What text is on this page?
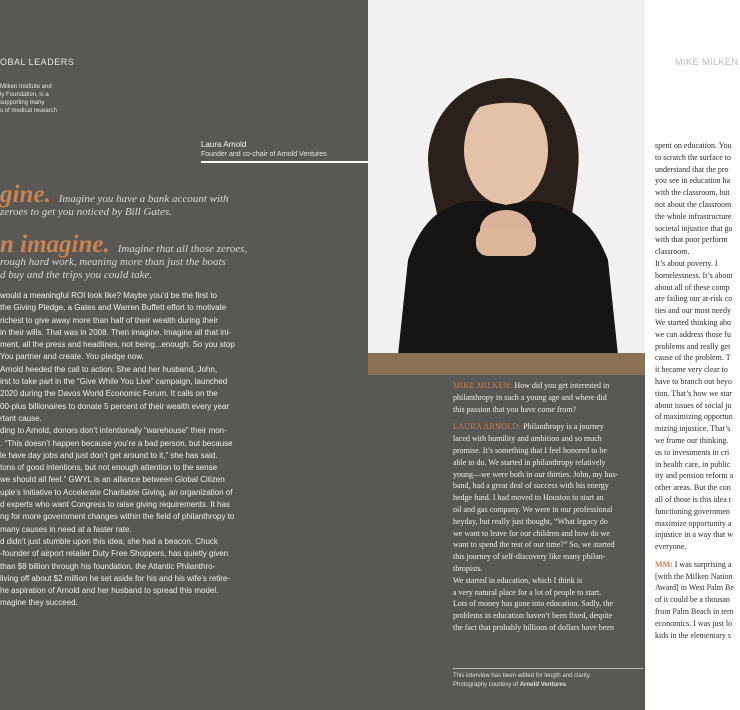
OBAL LEADERS
Milken Institute and
ly Foundation, is a
supporting many
s of medical research
Laura Arnold
Founder and co-chair of Arnold Ventures
gine. Imagine you have a bank account with
zeroes to get you noticed by Bill Gates.
n imagine. Imagine that all those zeroes,
rough hard work, meaning more than just the boats
d buy and the trips you could take.
would a meaningful ROI look like? Maybe you’d be the first to
the Giving Pledge, a Gates and Warren Buffett effort to motivate
richest to give away more than half of their wealth during their
in their wills. That was in 2008. Then imagine. Imagine all that ini-
ment, all the press and headlines, not being...enough. So you stop
You partner and create. You pledge now.
Arnold heeded the call to action: She and her husband, John,
irst to take part in the “Give While You Live” campaign, launched
2020 during the Davos World Economic Forum. It calls on the
00-plus billionaires to donate 5 percent of their wealth every year
rtant cause.
ding to Arnold, donors don’t intentionally “warehouse” their mon-
. “This doesn’t happen because you’re a bad person, but because
le have day jobs and just don’t get around to it,” she has said.
tons of good intentions, but not enough attention to the sense
we should all feel.” GWYL is an alliance between Global Citizen
uple’s Initiative to Accelerate Charitable Giving, an organization of
d experts who want Congress to raise giving requirements. It has
ng for more government changes within the field of philanthropy to
many causes in need at a faster rate.
d didn’t just stumble upon this idea; she had a beacon. Chuck
-founder of airport retailer Duty Free Shoppers, has quietly given
than $8 billion through his foundation, the Atlantic Philanthro-
living off about $2 million he set aside for his and his wife’s retire-
he aspiration of Arnold and her husband to spread this model.
magine they succeed.
MIKE MILKEN: How did you get interested in
philanthropy in such a young age and where did
this passion that you have come from?
LAURA ARNOLD: Philanthropy is a journey
laced with humility and ambition and so much
promise. It’s something that I feel honored to be
able to do. We started in philanthropy relatively
young—we were both in our thirties. John, my hus-
band, had a great deal of success with his energy
hedge fund. I had moved to Houston to start an
oil and gas company. We were in our professional
heyday, but really just thought, “What legacy do
we want to leave for our children and how do we
want to spend the rest of our time?” So, we started
this journey of self-discovery like many philan-
thropists.
We started in education, which I think is
a very natural place for a lot of people to start.
Lots of money has gone into education. Sadly, the
problems in education haven’t been fixed, despite
the fact that probably billions of dollars have been
This interview has been edited for length and clarity.
Photography courtesy of Arnold Ventures
MIKE MILKEN
spent on education. You
to scratch the surface to
understand that the pro
you see in education ha
with the classroom, but
not about the classroom
the whole infrastructure
societal injustice that go
with that poor perform
classroom.
It’s about poverty. I
homelessness. It’s about
about all of these comp
are failing our at-risk co
ties and our most needy
We started thinking abo
we can address those fu
problems and really get
cause of the problem. T
it became very clear to
have to branch out beyo
tion. That’s how we star
about issues of social ju
of maximizing opportun
mizing injustice. That’s
we frame our thinking.
us to investments in cri
in health care, in public
ity and pension reform a
other areas. But the con
all of those is this idea t
functioning governmen
maximize opportunity a
injustice in a way that w
everyone.
MM: I was surprising a
[with the Milken Nation
Award] in West Palm Be
of it could be a thousan
from Palm Beach in tern
economics. I was just lo
kids in the elementary s
